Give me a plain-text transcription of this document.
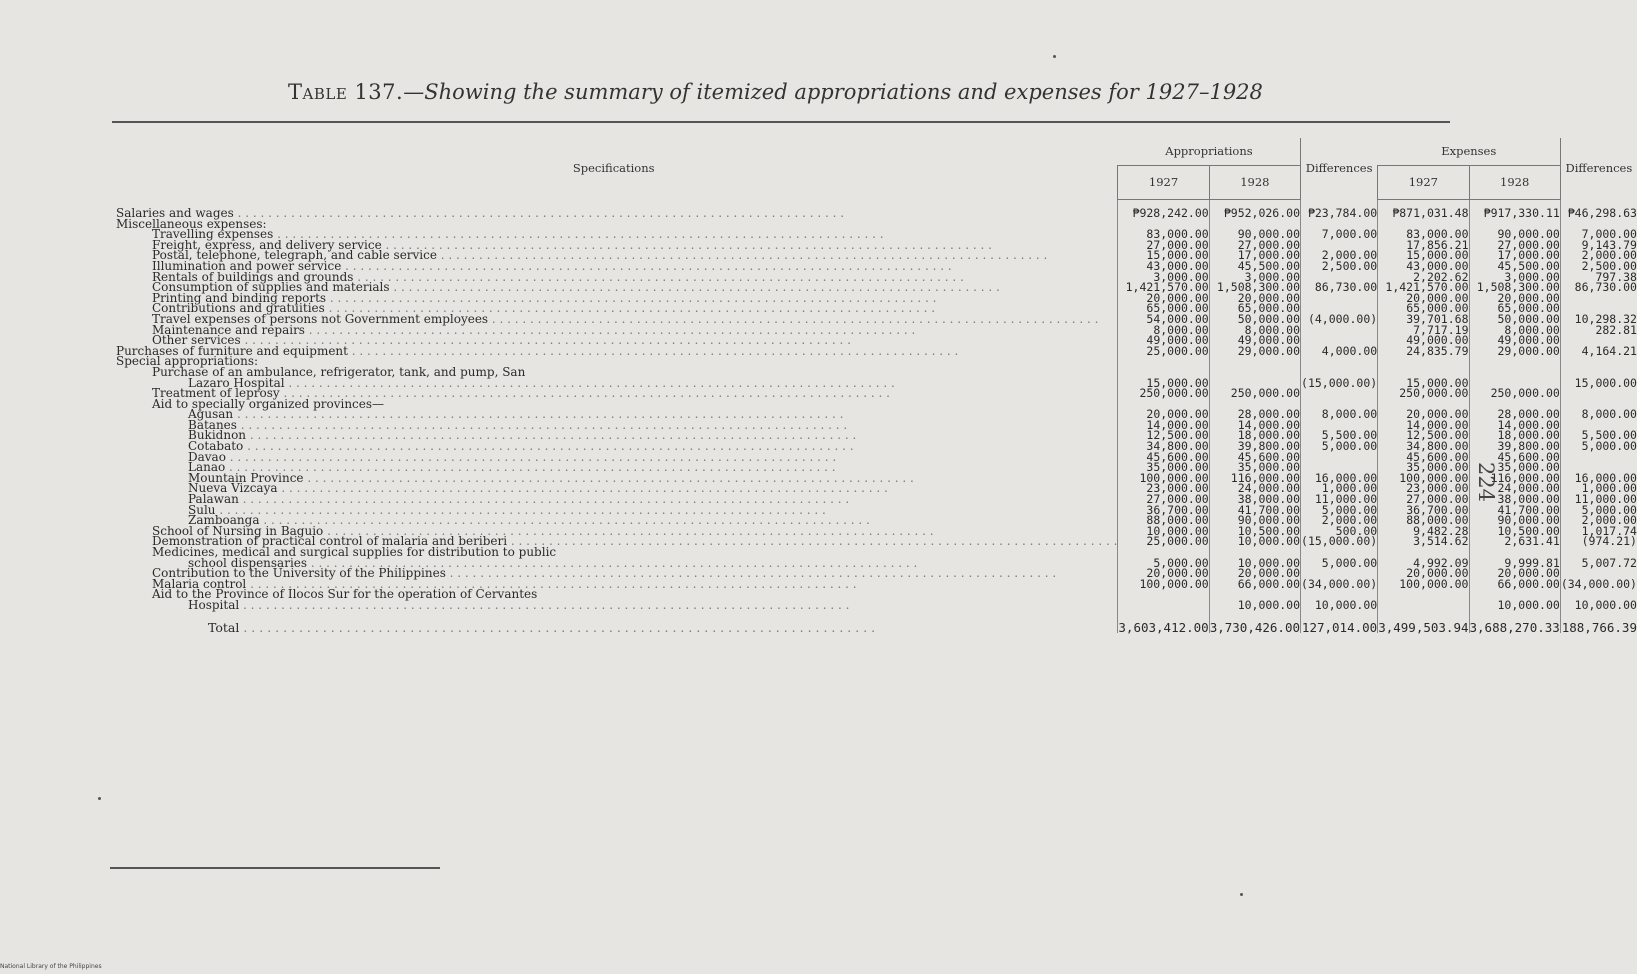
Table 137.—Showing the summary of itemized appropriations and expenses for 1927–1928
Specifications	Appropriations		Differences	Expenses		Differences
	1927	1928		1927	1928	

Salaries and wages . . . . . . . . . . . . . . . . . . . . . . . . . . . . . . . . . . . . . . . . . . . . . . . . . . . . . . . . . . . . . . . . . . . . . . . . . . . . . . . .	₱928,242.00	₱952,026.00	₱23,784.00	₱871,031.48	₱917,330.11	₱46,298.63
Miscellaneous expenses:						
Travelling expenses . . . . . . . . . . . . . . . . . . . . . . . . . . . . . . . . . . . . . . . . . . . . . . . . . . . . . . . . . . . . . . . . . . . . . . . . . . . . . . . .	83,000.00	90,000.00	7,000.00	83,000.00	90,000.00	7,000.00
Freight, express, and delivery service . . . . . . . . . . . . . . . . . . . . . . . . . . . . . . . . . . . . . . . . . . . . . . . . . . . . . . . . . . . . . . . . . . . . . . . . . . . . . . . .	27,000.00	27,000.00		17,856.21	27,000.00	9,143.79
Postal, telephone, telegraph, and cable service . . . . . . . . . . . . . . . . . . . . . . . . . . . . . . . . . . . . . . . . . . . . . . . . . . . . . . . . . . . . . . . . . . . . . . . . . . . . . . . .	15,000.00	17,000.00	2,000.00	15,000.00	17,000.00	2,000.00
Illumination and power service . . . . . . . . . . . . . . . . . . . . . . . . . . . . . . . . . . . . . . . . . . . . . . . . . . . . . . . . . . . . . . . . . . . . . . . . . . . . . . . .	43,000.00	45,500.00	2,500.00	43,000.00	45,500.00	2,500.00
Rentals of buildings and grounds . . . . . . . . . . . . . . . . . . . . . . . . . . . . . . . . . . . . . . . . . . . . . . . . . . . . . . . . . . . . . . . . . . . . . . . . . . . . . . . .	3,000.00	3,000.00		2,202.62	3,000.00	797.38
Consumption of supplies and materials . . . . . . . . . . . . . . . . . . . . . . . . . . . . . . . . . . . . . . . . . . . . . . . . . . . . . . . . . . . . . . . . . . . . . . . . . . . . . . . .	1,421,570.00	1,508,300.00	86,730.00	1,421,570.00	1,508,300.00	86,730.00
Printing and binding reports . . . . . . . . . . . . . . . . . . . . . . . . . . . . . . . . . . . . . . . . . . . . . . . . . . . . . . . . . . . . . . . . . . . . . . . . . . . . . . . .	20,000.00	20,000.00		20,000.00	20,000.00	
Contributions and gratuities . . . . . . . . . . . . . . . . . . . . . . . . . . . . . . . . . . . . . . . . . . . . . . . . . . . . . . . . . . . . . . . . . . . . . . . . . . . . . . . .	65,000.00	65,000.00		65,000.00	65,000.00	
Travel expenses of persons not Government employees . . . . . . . . . . . . . . . . . . . . . . . . . . . . . . . . . . . . . . . . . . . . . . . . . . . . . . . . . . . . . . . . . . . . . . . . . . . . . . . .	54,000.00	50,000.00	(4,000.00)	39,701.68	50,000.00	10,298.32
Maintenance and repairs . . . . . . . . . . . . . . . . . . . . . . . . . . . . . . . . . . . . . . . . . . . . . . . . . . . . . . . . . . . . . . . . . . . . . . . . . . . . . . . .	8,000.00	8,000.00		7,717.19	8,000.00	282.81
Other services . . . . . . . . . . . . . . . . . . . . . . . . . . . . . . . . . . . . . . . . . . . . . . . . . . . . . . . . . . . . . . . . . . . . . . . . . . . . . . . .	49,000.00	49,000.00		49,000.00	49,000.00	
Purchases of furniture and equipment . . . . . . . . . . . . . . . . . . . . . . . . . . . . . . . . . . . . . . . . . . . . . . . . . . . . . . . . . . . . . . . . . . . . . . . . . . . . . . . .	25,000.00	29,000.00	4,000.00	24,835.79	29,000.00	4,164.21
Special appropriations:						
Purchase of an ambulance, refrigerator, tank, and pump, San						
Lazaro Hospital . . . . . . . . . . . . . . . . . . . . . . . . . . . . . . . . . . . . . . . . . . . . . . . . . . . . . . . . . . . . . . . . . . . . . . . . . . . . . . . .	15,000.00		(15,000.00)	15,000.00		15,000.00
Treatment of leprosy . . . . . . . . . . . . . . . . . . . . . . . . . . . . . . . . . . . . . . . . . . . . . . . . . . . . . . . . . . . . . . . . . . . . . . . . . . . . . . . .	250,000.00	250,000.00		250,000.00	250,000.00	
Aid to specially organized provinces—						
Agusan . . . . . . . . . . . . . . . . . . . . . . . . . . . . . . . . . . . . . . . . . . . . . . . . . . . . . . . . . . . . . . . . . . . . . . . . . . . . . . . .	20,000.00	28,000.00	8,000.00	20,000.00	28,000.00	8,000.00
Batanes . . . . . . . . . . . . . . . . . . . . . . . . . . . . . . . . . . . . . . . . . . . . . . . . . . . . . . . . . . . . . . . . . . . . . . . . . . . . . . . .	14,000.00	14,000.00		14,000.00	14,000.00	
Bukidnon . . . . . . . . . . . . . . . . . . . . . . . . . . . . . . . . . . . . . . . . . . . . . . . . . . . . . . . . . . . . . . . . . . . . . . . . . . . . . . . .	12,500.00	18,000.00	5,500.00	12,500.00	18,000.00	5,500.00
Cotabato . . . . . . . . . . . . . . . . . . . . . . . . . . . . . . . . . . . . . . . . . . . . . . . . . . . . . . . . . . . . . . . . . . . . . . . . . . . . . . . .	34,800.00	39,800.00	5,000.00	34,800.00	39,800.00	5,000.00
Davao . . . . . . . . . . . . . . . . . . . . . . . . . . . . . . . . . . . . . . . . . . . . . . . . . . . . . . . . . . . . . . . . . . . . . . . . . . . . . . . .	45,600.00	45,600.00		45,600.00	45,600.00	
Lanao . . . . . . . . . . . . . . . . . . . . . . . . . . . . . . . . . . . . . . . . . . . . . . . . . . . . . . . . . . . . . . . . . . . . . . . . . . . . . . . .	35,000.00	35,000.00		35,000.00	35,000.00	
Mountain Province . . . . . . . . . . . . . . . . . . . . . . . . . . . . . . . . . . . . . . . . . . . . . . . . . . . . . . . . . . . . . . . . . . . . . . . . . . . . . . . .	100,000.00	116,000.00	16,000.00	100,000.00	116,000.00	16,000.00
Nueva Vizcaya . . . . . . . . . . . . . . . . . . . . . . . . . . . . . . . . . . . . . . . . . . . . . . . . . . . . . . . . . . . . . . . . . . . . . . . . . . . . . . . .	23,000.00	24,000.00	1,000.00	23,000.00	24,000.00	1,000.00
Palawan . . . . . . . . . . . . . . . . . . . . . . . . . . . . . . . . . . . . . . . . . . . . . . . . . . . . . . . . . . . . . . . . . . . . . . . . . . . . . . . .	27,000.00	38,000.00	11,000.00	27,000.00	38,000.00	11,000.00
Sulu . . . . . . . . . . . . . . . . . . . . . . . . . . . . . . . . . . . . . . . . . . . . . . . . . . . . . . . . . . . . . . . . . . . . . . . . . . . . . . . .	36,700.00	41,700.00	5,000.00	36,700.00	41,700.00	5,000.00
Zamboanga . . . . . . . . . . . . . . . . . . . . . . . . . . . . . . . . . . . . . . . . . . . . . . . . . . . . . . . . . . . . . . . . . . . . . . . . . . . . . . . .	88,000.00	90,000.00	2,000.00	88,000.00	90,000.00	2,000.00
School of Nursing in Baguio . . . . . . . . . . . . . . . . . . . . . . . . . . . . . . . . . . . . . . . . . . . . . . . . . . . . . . . . . . . . . . . . . . . . . . . . . . . . . . . .	10,000.00	10,500.00	500.00	9,482.28	10,500.00	1,017.74
Demonstration of practical control of malaria and beriberi . . . . . . . . . . . . . . . . . . . . . . . . . . . . . . . . . . . . . . . . . . . . . . . . . . . . . . . . . . . . . . . . . . . . . . . . . . . . . . . .	25,000.00	10,000.00	(15,000.00)	3,514.62	2,631.41	(974.21)
Medicines, medical and surgical supplies for distribution to public						
school dispensaries . . . . . . . . . . . . . . . . . . . . . . . . . . . . . . . . . . . . . . . . . . . . . . . . . . . . . . . . . . . . . . . . . . . . . . . . . . . . . . . .	5,000.00	10,000.00	5,000.00	4,992.09	9,999.81	5,007.72
Contribution to the University of the Philippines . . . . . . . . . . . . . . . . . . . . . . . . . . . . . . . . . . . . . . . . . . . . . . . . . . . . . . . . . . . . . . . . . . . . . . . . . . . . . . . .	20,000.00	20,000.00		20,000.00	20,000.00	
Malaria control . . . . . . . . . . . . . . . . . . . . . . . . . . . . . . . . . . . . . . . . . . . . . . . . . . . . . . . . . . . . . . . . . . . . . . . . . . . . . . . .	100,000.00	66,000.00	(34,000.00)	100,000.00	66,000.00	(34,000.00)
Aid to the Province of Ilocos Sur for the operation of Cervantes						
Hospital . . . . . . . . . . . . . . . . . . . . . . . . . . . . . . . . . . . . . . . . . . . . . . . . . . . . . . . . . . . . . . . . . . . . . . . . . . . . . . . .		10,000.00	10,000.00		10,000.00	10,000.00
Total . . . . . . . . . . . . . . . . . . . . . . . . . . . . . . . . . . . . . . . . . . . . . . . . . . . . . . . . . . . . . . . . . . . . . . . . . . . . . . . .	3,603,412.00	3,730,426.00	127,014.00	3,499,503.94	3,688,270.33	188,766.39
224
National Library of the Philippines
